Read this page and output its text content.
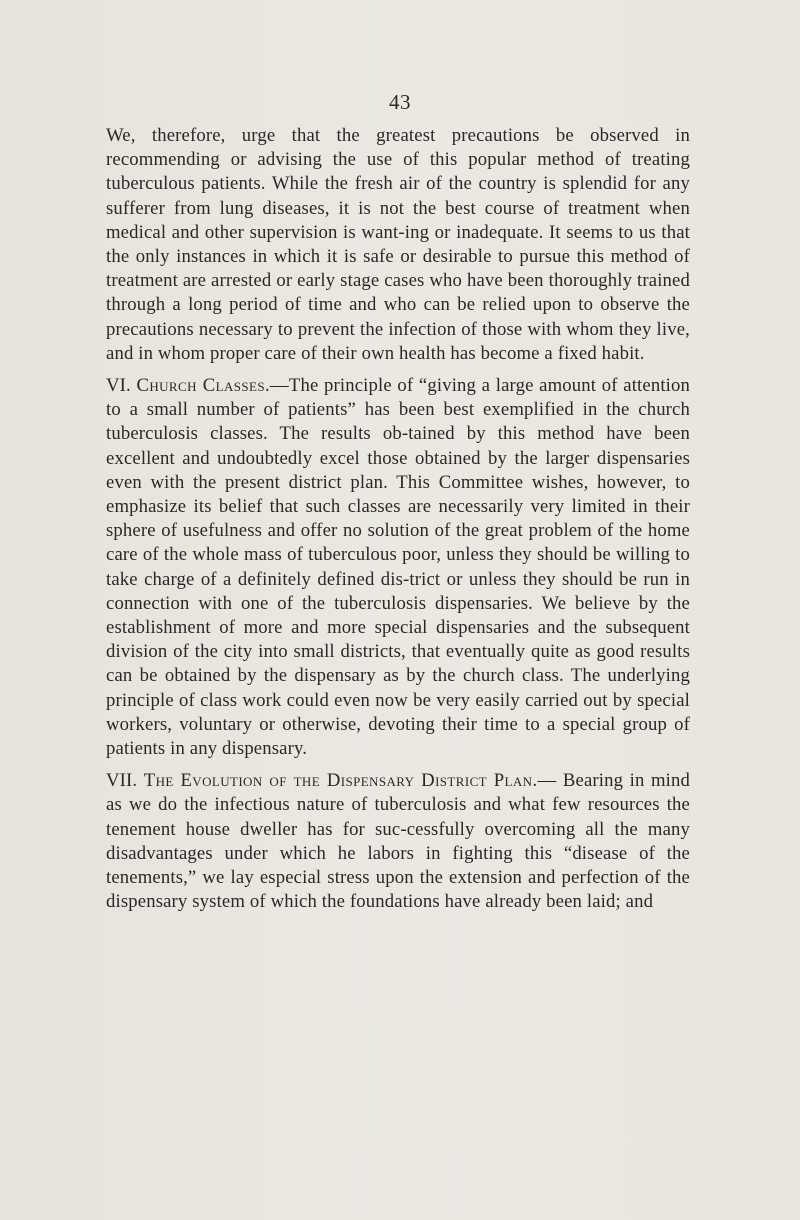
43

We, therefore, urge that the greatest precautions be observed in recommending or advising the use of this popular method of treating tuberculous patients. While the fresh air of the country is splendid for any sufferer from lung diseases, it is not the best course of treatment when medical and other supervision is want-ing or inadequate. It seems to us that the only instances in which it is safe or desirable to pursue this method of treatment are arrested or early stage cases who have been thoroughly trained through a long period of time and who can be relied upon to observe the precautions necessary to prevent the infection of those with whom they live, and in whom proper care of their own health has become a fixed habit.

VI. Church Classes.—The principle of “giving a large amount of attention to a small number of patients” has been best exemplified in the church tuberculosis classes. The results ob-tained by this method have been excellent and undoubtedly excel those obtained by the larger dispensaries even with the present district plan. This Committee wishes, however, to emphasize its belief that such classes are necessarily very limited in their sphere of usefulness and offer no solution of the great problem of the home care of the whole mass of tuberculous poor, unless they should be willing to take charge of a definitely defined dis-trict or unless they should be run in connection with one of the tuberculosis dispensaries. We believe by the establishment of more and more special dispensaries and the subsequent division of the city into small districts, that eventually quite as good results can be obtained by the dispensary as by the church class. The underlying principle of class work could even now be very easily carried out by special workers, voluntary or otherwise, devoting their time to a special group of patients in any dispensary.

VII. The Evolution of the Dispensary District Plan.— Bearing in mind as we do the infectious nature of tuberculosis and what few resources the tenement house dweller has for suc-cessfully overcoming all the many disadvantages under which he labors in fighting this “disease of the tenements,” we lay especial stress upon the extension and perfection of the dispensary system of which the foundations have already been laid; and
